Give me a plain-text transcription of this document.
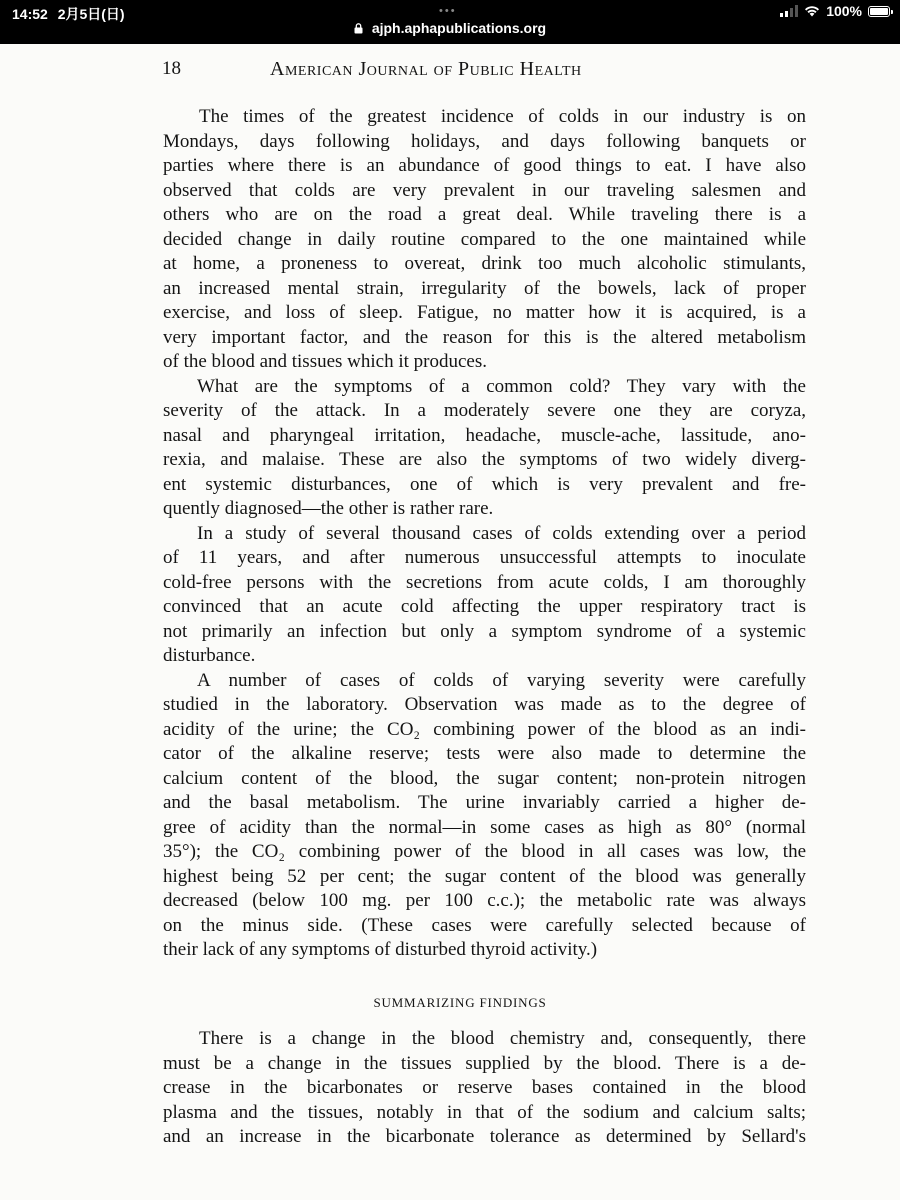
14:52 2月5日(日)	•••	100%
ajph.aphapublications.org
18	American Journal of Public Health
The times of the greatest incidence of colds in our industry is on
Mondays, days following holidays, and days following banquets or
parties where there is an abundance of good things to eat. I have also
observed that colds are very prevalent in our traveling salesmen and
others who are on the road a great deal. While traveling there is a
decided change in daily routine compared to the one maintained while
at home, a proneness to overeat, drink too much alcoholic stimulants,
an increased mental strain, irregularity of the bowels, lack of proper
exercise, and loss of sleep. Fatigue, no matter how it is acquired, is a
very important factor, and the reason for this is the altered metabolism
of the blood and tissues which it produces.
What are the symptoms of a common cold? They vary with the
severity of the attack. In a moderately severe one they are coryza,
nasal and pharyngeal irritation, headache, muscle-ache, lassitude, ano-
rexia, and malaise. These are also the symptoms of two widely diverg-
ent systemic disturbances, one of which is very prevalent and fre-
quently diagnosed—the other is rather rare.
In a study of several thousand cases of colds extending over a period
of 11 years, and after numerous unsuccessful attempts to inoculate
cold-free persons with the secretions from acute colds, I am thoroughly
convinced that an acute cold affecting the upper respiratory tract is
not primarily an infection but only a symptom syndrome of a systemic
disturbance.
A number of cases of colds of varying severity were carefully
studied in the laboratory. Observation was made as to the degree of
acidity of the urine; the CO₂ combining power of the blood as an indi-
cator of the alkaline reserve; tests were also made to determine the
calcium content of the blood, the sugar content; non-protein nitrogen
and the basal metabolism. The urine invariably carried a higher de-
gree of acidity than the normal—in some cases as high as 80° (normal
35°); the CO₂ combining power of the blood in all cases was low, the
highest being 52 per cent; the sugar content of the blood was generally
decreased (below 100 mg. per 100 c.c.); the metabolic rate was always
on the minus side. (These cases were carefully selected because of
their lack of any symptoms of disturbed thyroid activity.)
SUMMARIZING FINDINGS
There is a change in the blood chemistry and, consequently, there
must be a change in the tissues supplied by the blood. There is a de-
crease in the bicarbonates or reserve bases contained in the blood
plasma and the tissues, notably in that of the sodium and calcium salts;
and an increase in the bicarbonate tolerance as determined by Sellard's
